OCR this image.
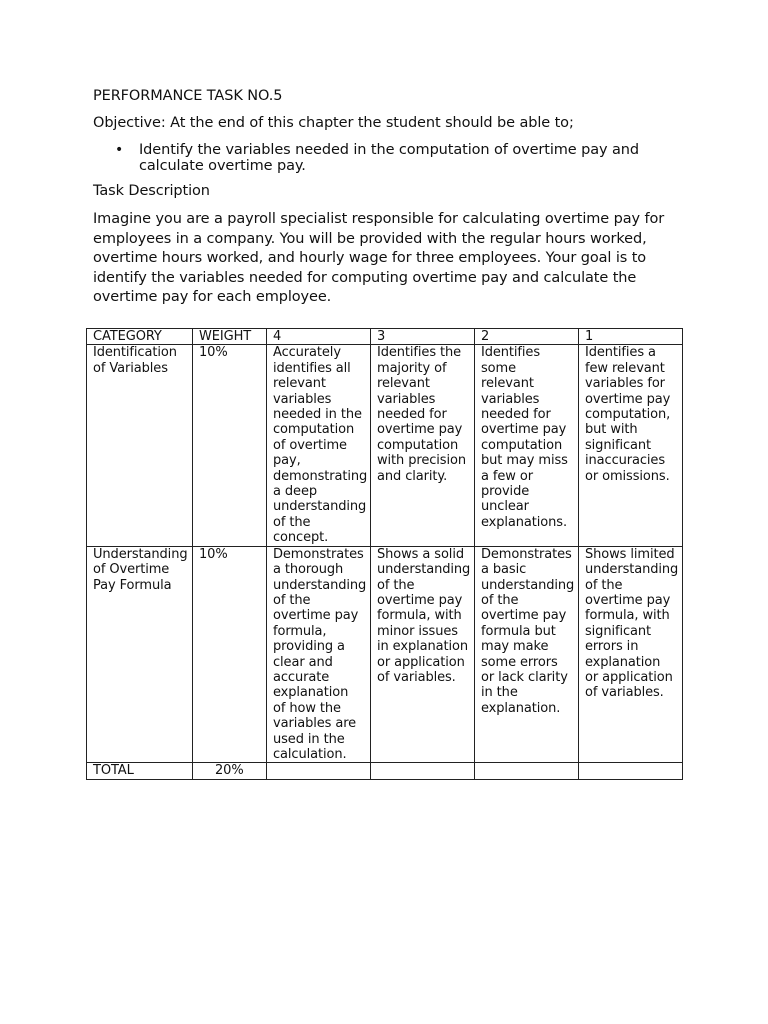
PERFORMANCE TASK NO.5

Objective: At the end of this chapter the student should be able to;

• Identify the variables needed in the computation of overtime pay and calculate overtime pay.

Task Description

Imagine you are a payroll specialist responsible for calculating overtime pay for employees in a company. You will be provided with the regular hours worked, overtime hours worked, and hourly wage for three employees. Your goal is to identify the variables needed for computing overtime pay and calculate the overtime pay for each employee.

CATEGORY	WEIGHT	4	3	2	1
Identification of Variables	10%	Accurately identifies all relevant variables needed in the computation of overtime pay, demonstrating a deep understanding of the concept.	Identifies the majority of relevant variables needed for overtime pay computation with precision and clarity.	Identifies some relevant variables needed for overtime pay computation but may miss a few or provide unclear explanations.	Identifies a few relevant variables for overtime pay computation, but with significant inaccuracies or omissions.
Understanding of Overtime Pay Formula	10%	Demonstrates a thorough understanding of the overtime pay formula, providing a clear and accurate explanation of how the variables are used in the calculation.	Shows a solid understanding of the overtime pay formula, with minor issues in explanation or application of variables.	Demonstrates a basic understanding of the overtime pay formula but may make some errors or lack clarity in the explanation.	Shows limited understanding of the overtime pay formula, with significant errors in explanation or application of variables.
TOTAL	20%				
